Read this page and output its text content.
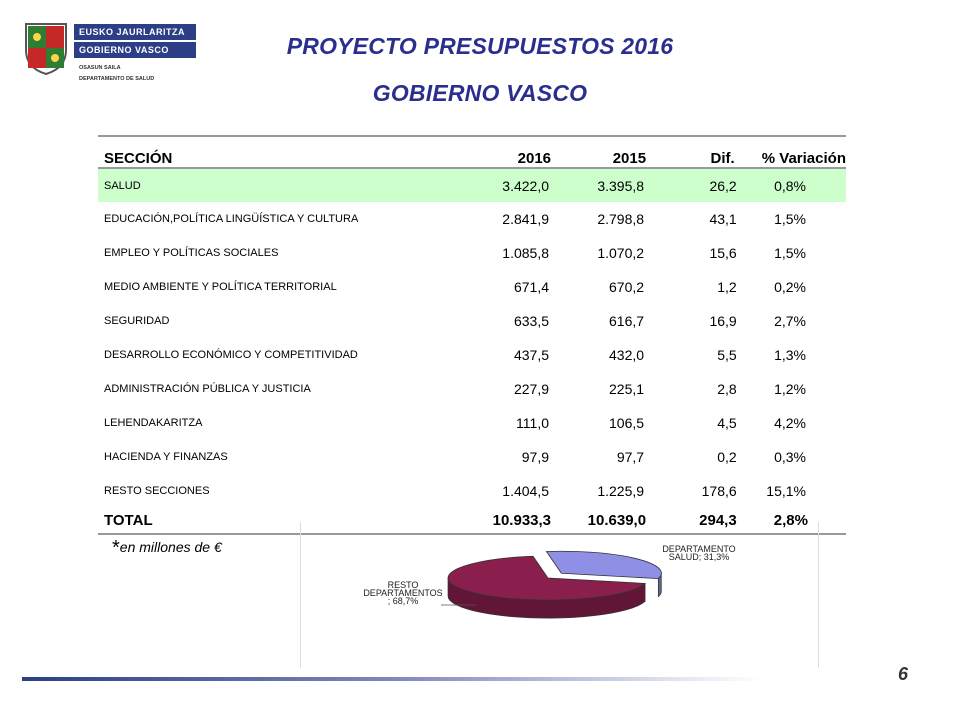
EUSKO JAURLARITZA
GOBIERNO VASCO
OSASUN SAILA
DEPARTAMENTO DE SALUD
PROYECTO PRESUPUESTOS 2016
GOBIERNO VASCO
SECCIÓN	2016	2015	Dif.	% Variación
SALUD	3.422,0	3.395,8	26,2	0,8%
EDUCACIÓN,POLÍTICA LINGÜÍSTICA Y CULTURA	2.841,9	2.798,8	43,1	1,5%
EMPLEO Y POLÍTICAS SOCIALES	1.085,8	1.070,2	15,6	1,5%
MEDIO AMBIENTE Y POLÍTICA TERRITORIAL	671,4	670,2	1,2	0,2%
SEGURIDAD	633,5	616,7	16,9	2,7%
DESARROLLO ECONÓMICO Y COMPETITIVIDAD	437,5	432,0	5,5	1,3%
ADMINISTRACIÓN PÚBLICA Y JUSTICIA	227,9	225,1	2,8	1,2%
LEHENDAKARITZA	111,0	106,5	4,5	4,2%
HACIENDA Y FINANZAS	97,9	97,7	0,2	0,3%
RESTO SECCIONES	1.404,5	1.225,9	178,6	15,1%
TOTAL	10.933,3	10.639,0	294,3	2,8%
*en millones de €	DEPARTAMENTO SALUD; 31,3%
RESTO DEPARTAMENTOS ; 68,7%
6
